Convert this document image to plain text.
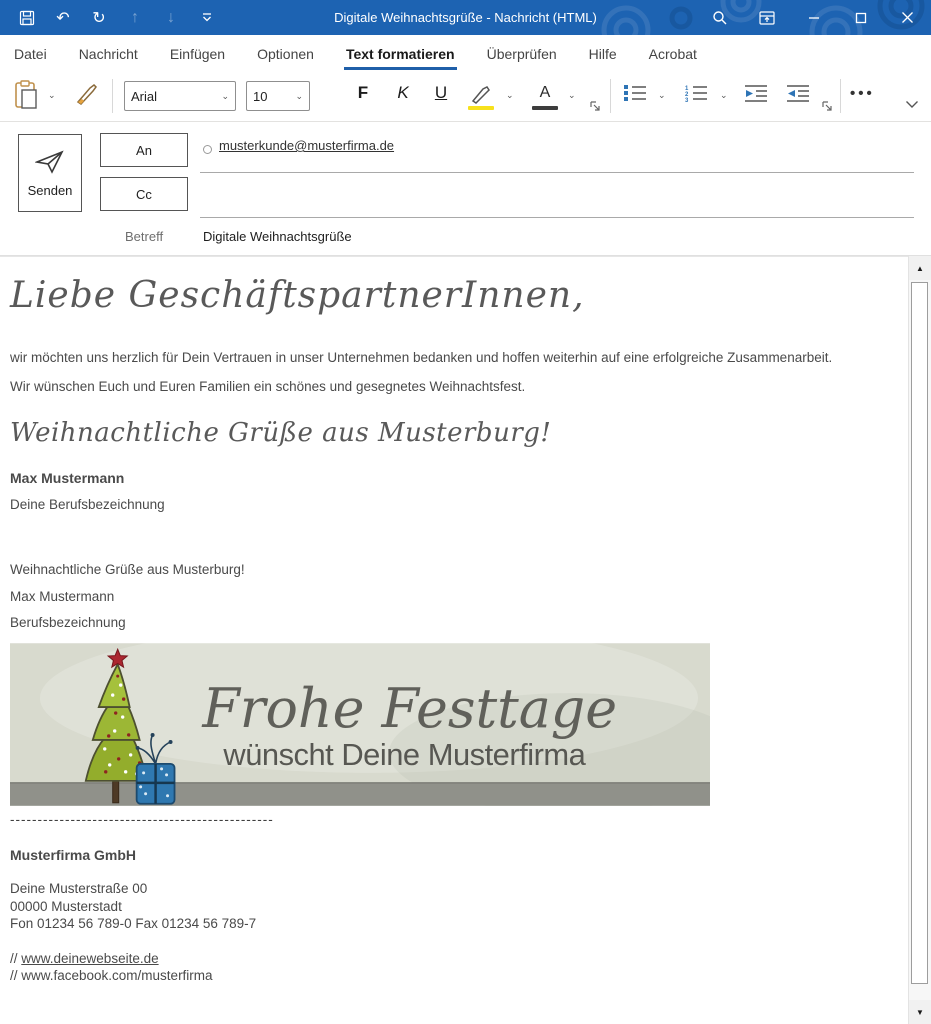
↶	↻	↑	↓	Digitale Weihnachtsgrüße - Nachricht (HTML)
Datei	Nachricht	Einfügen	Optionen	Text formatieren	Überprüfen	Hilfe	Acrobat
⌄	Arial	⌄ 10	⌄	F	K	U	⌄ A ⌄	⌄
1
2
3
⌄	•••
Senden
An
Cc
musterkunde@musterfirma.de
Betreff	Digitale Weihnachtsgrüße
Liebe GeschäftspartnerInnen,
wir möchten uns herzlich für Dein Vertrauen in unser Unternehmen bedanken und hoffen weiterhin auf eine erfolgreiche Zusammenarbeit.
Wir wünschen Euch und Euren Familien ein schönes und gesegnetes Weihnachtsfest.
Weihnachtliche Grüße aus Musterburg!
Max Mustermann
Deine Berufsbezeichnung
Weihnachtliche Grüße aus Musterburg!
Max Mustermann
Berufsbezeichnung
Frohe Festtage
wünscht Deine Musterfirma
------------------------------------------------
Musterfirma GmbH
Deine Musterstraße 00
00000 Musterstadt
Fon 01234 56 789-0 Fax 01234 56 789-7
// www.deinewebseite.de
// www.facebook.com/musterfirma
▲
▼
